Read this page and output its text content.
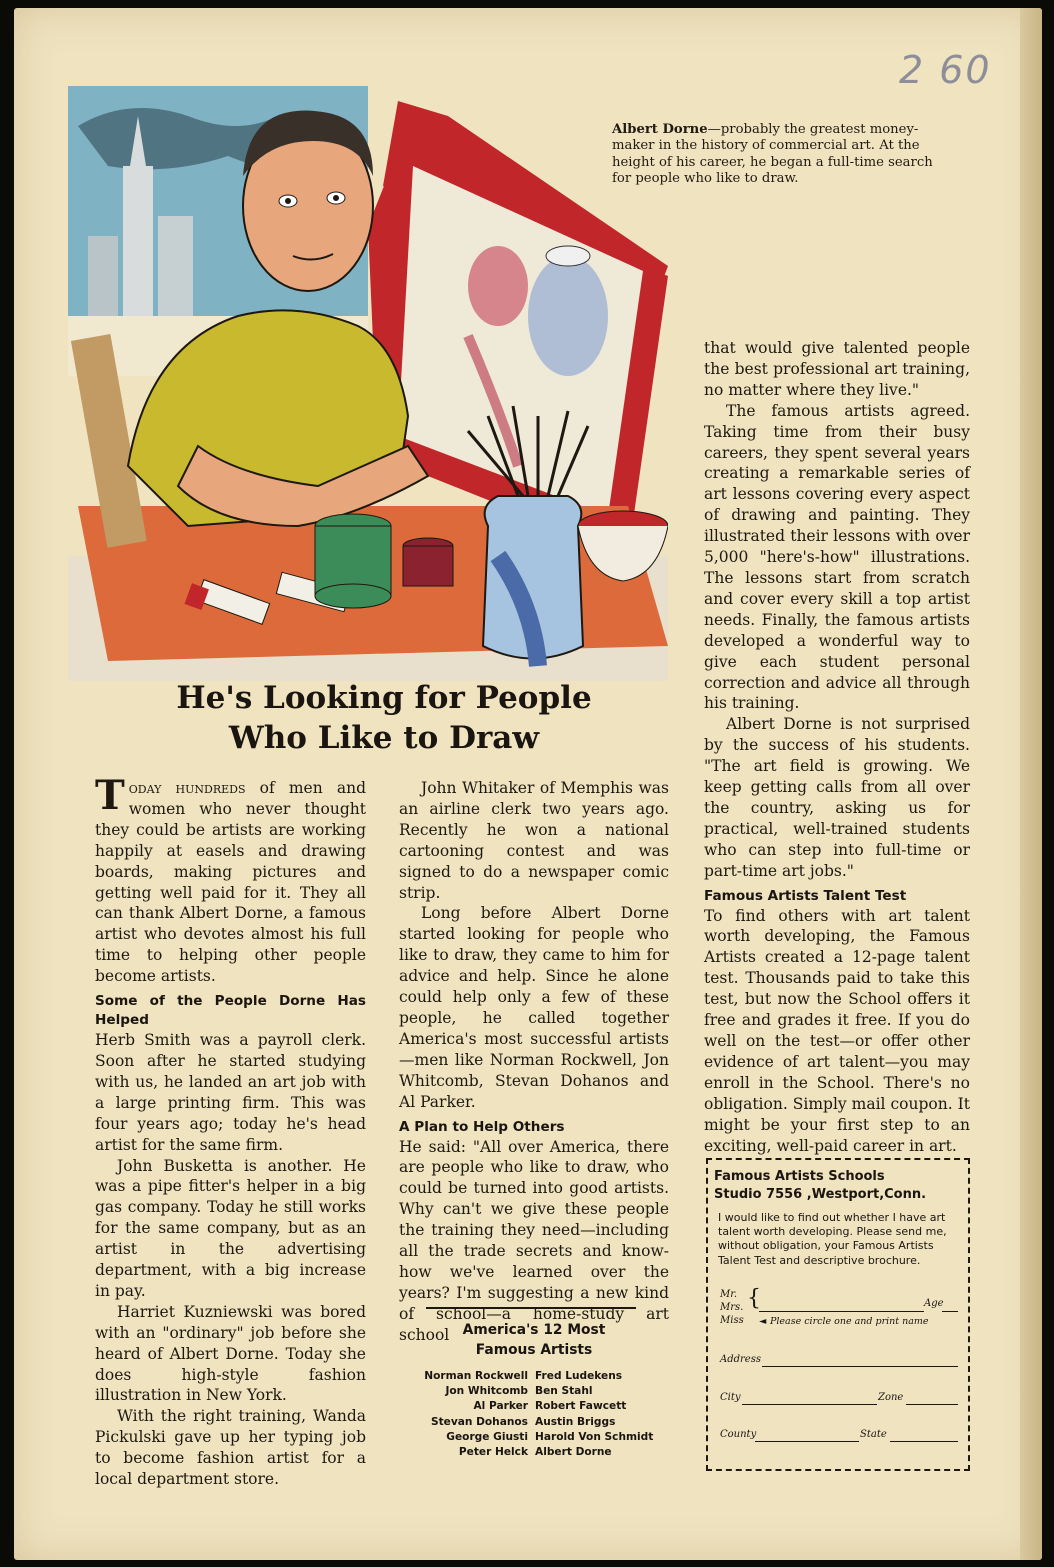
2 60
Albert Dorne—probably the greatest money-maker in the history of commercial art. At the height of his career, he began a full-time search for people who like to draw.
He's Looking for People
Who Like to Draw

Today hundreds of men and women who never thought they could be artists are working happily at easels and drawing boards, making pictures and getting well paid for it. They all can thank Albert Dorne, a famous artist who devotes almost his full time to helping other people become artists.

Some of the People Dorne Has Helped

Herb Smith was a payroll clerk. Soon after he started studying with us, he landed an art job with a large printing firm. This was four years ago; today he's head artist for the same firm.

John Busketta is another. He was a pipe fitter's helper in a big gas company. Today he still works for the same company, but as an artist in the advertising department, with a big increase in pay.

Harriet Kuzniewski was bored with an "ordinary" job before she heard of Albert Dorne. Today she does high-style fashion illustration in New York.

With the right training, Wanda Pickulski gave up her typing job to become fashion artist for a local department store.

John Whitaker of Memphis was an airline clerk two years ago. Recently he won a national cartooning contest and was signed to do a newspaper comic strip.

Long before Albert Dorne started looking for people who like to draw, they came to him for advice and help. Since he alone could help only a few of these people, he called together America's most successful artists—men like Norman Rockwell, Jon Whitcomb, Stevan Dohanos and Al Parker.

A Plan to Help Others

He said: "All over America, there are people who like to draw, who could be turned into good artists. Why can't we give these people the training they need—including all the trade secrets and know-how we've learned over the years? I'm suggesting a new kind of school—a home-study art school America's 12 Most
Famous Artists
Norman Rockwell Fred Ludekens
Jon Whitcomb Ben Stahl
Al Parker Robert Fawcett
Stevan Dohanos Austin Briggs
George Giusti Harold Von Schmidt
Peter Helck Albert Dorne

that would give talented people the best professional art training, no matter where they live."

The famous artists agreed. Taking time from their busy careers, they spent several years creating a remarkable series of art lessons covering every aspect of drawing and painting. They illustrated their lessons with over 5,000 "here's-how" illustrations. The lessons start from scratch and cover every skill a top artist needs. Finally, the famous artists developed a wonderful way to give each student personal correction and advice all through his training.

Albert Dorne is not surprised by the success of his students. "The art field is growing. We keep getting calls from all over the country, asking us for practical, well-trained students who can step into full-time or part-time art jobs."

Famous Artists Talent Test

To find others with art talent worth developing, the Famous Artists created a 12-page talent test. Thousands paid to take this test, but now the School offers it free and grades it free. If you do well on the test—or offer other evidence of art talent—you may enroll in the School. There's no obligation. Simply mail coupon. It might be your first step to an exciting, well-paid career in art.

Famous Artists Schools
Studio 7556 ,Westport,Conn.
I would like to find out whether I have art talent worth developing. Please send me, without obligation, your Famous Artists Talent Test and descriptive brochure.
Mr.
Mrs.
Miss
{	Age
◄ Please circle one and print name
Address
City	Zone
County	State
